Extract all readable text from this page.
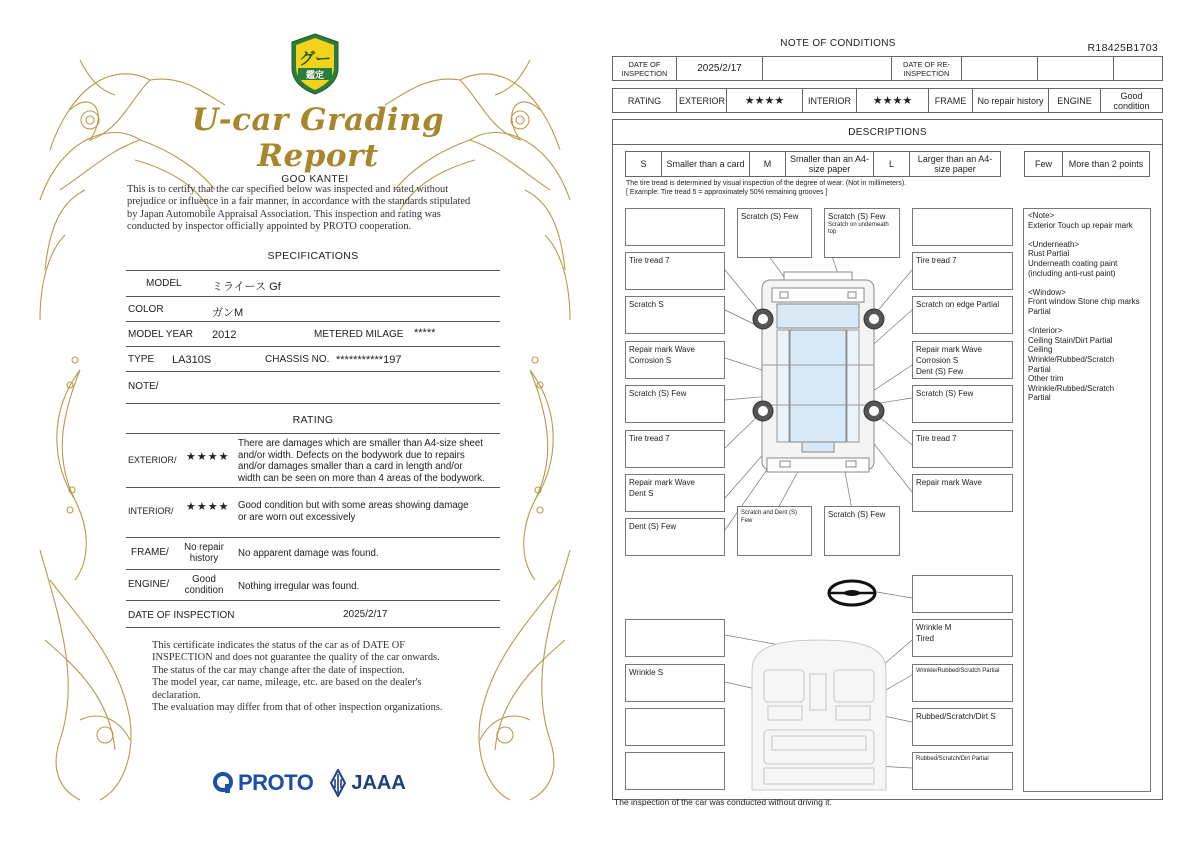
グー
鑑定
U-car Grading Report
GOO KANTEI
This is to certify that the car specified below was inspected and rated without
prejudice or influence in a fair manner, in accordance with the standards stipulated
by Japan Automobile Appraisal Association. This inspection and rating was
conducted by inspector officially appointed by PROTO cooperation.
SPECIFICATIONS
MODEL	ミライース Gf
COLOR	ガンM
MODEL YEAR 2012	METERED MILAGE *****
TYPE LA310S	CHASSIS NO. ***********197
NOTE/
RATING
EXTERIOR/ ★★★★
There are damages which are smaller than A4-size sheet
and/or width. Defects on the bodywork due to repairs
and/or damages smaller than a card in length and/or
width can be seen on more than 4 areas of the bodywork.
INTERIOR/ ★★★★ Good condition but with some areas showing damage
or are worn out excessively
FRAME/	No repair
history	No apparent damage was found.
ENGINE/	Good
condition	Nothing irregular was found.
DATE OF INSPECTION	2025/2/17
This certificate indicates the status of the car as of DATE OF
INSPECTION and does not guarantee the quality of the car onwards.
The status of the car may change after the date of inspection.
The model year, car name, mileage, etc. are based on the dealer's
declaration.
The evaluation may differ from that of other inspection organizations.
PROTO JAAA
NOTE OF CONDITIONS	R18425B1703
DATE OF INSPECTION	2025/2/17		DATE OF RE-INSPECTION			
RATING	EXTERIOR	★★★★	INTERIOR	★★★★	FRAME	No repair history	ENGINE	Good condition
DESCRIPTIONS
S	Smaller than a card	M	Smaller than an A4-size paper	L	Larger than an A4-size paper	Few	More than 2 points
The tire tread is determined by visual inspection of the degree of wear. (Not in millimeters).
[ Example: Tire tread 5 = approximately 50% remaining grooves ]
Scratch (S) Few	Scratch (S) Few
Scratch on underneath top
Tire tread 7
Scratch S
Repair mark Wave
Corrosion S
Scratch (S) Few
Tire tread 7
Repair mark Wave
Dent S
Dent (S) Few
Tire tread 7
Scratch on edge Partial
Repair mark Wave
Corrosion S
Dent (S) Few
Scratch (S) Few
Tire tread 7
Repair mark Wave
Scratch and Dent (S) Few
Scratch (S) Few
Wrinkle S
Wrinkle M
Tired
Wrinkle/Rubbed/Scratch Partial
Rubbed/Scratch/Dirt S
Rubbed/Scratch/Dirt Partial

<Note>
Exterior Touch up repair mark

<Underneath>
Rust Partial
Underneath coating paint
(including anti-rust paint)

<Window>
Front window Stone chip marks
Partial

<Interior>
Ceiling Stain/Dirt Partial
Ceiling
Wrinkle/Rubbed/Scratch
Partial
Other trim
Wrinkle/Rubbed/Scratch
Partial

The inspection of the car was conducted without driving it.
